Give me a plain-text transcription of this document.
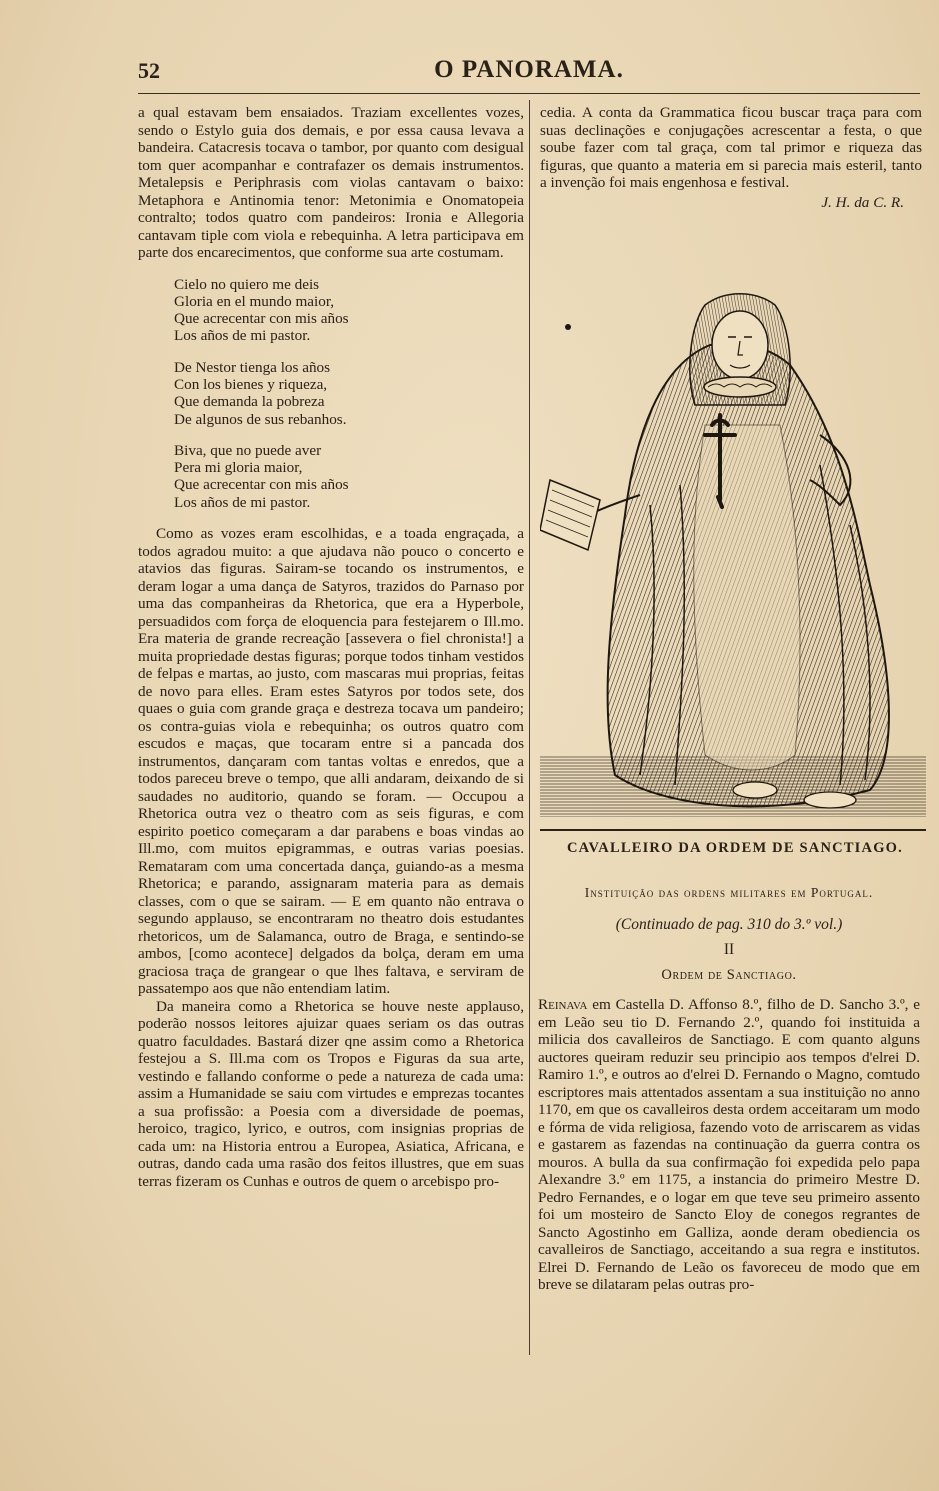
52	O PANORAMA.

a qual estavam bem ensaiados. Traziam excellentes vozes, sendo o Estylo guia dos demais, e por essa causa levava a bandeira. Catacresis tocava o tambor, por quanto com desigual tom quer acompanhar e contrafazer os demais instrumentos. Metalepsis e Periphrasis com violas cantavam o baixo: Metaphora e Antinomia tenor: Metonimia e Onomatopeia contralto; todos quatro com pandeiros: Ironia e Allegoria cantavam tiple com viola e rebequinha. A letra participava em parte dos encarecimentos, que conforme sua arte costumam.

Cielo no quiero me deis
Gloria en el mundo maior,
Que acrecentar con mis años
Los años de mi pastor.

De Nestor tienga los años
Con los bienes y riqueza,
Que demanda la pobreza
De algunos de sus rebanhos.

Biva, que no puede aver
Pera mi gloria maior,
Que acrecentar con mis años
Los años de mi pastor.

Como as vozes eram escolhidas, e a toada engraçada, a todos agradou muito: a que ajudava não pouco o concerto e atavios das figuras. Sairam-se tocando os instrumentos, e deram logar a uma dança de Satyros, trazidos do Parnaso por uma das companheiras da Rhetorica, que era a Hyperbole, persuadidos com força de eloquencia para festejarem o Ill.mo. Era materia de grande recreação [assevera o fiel chronista!] a muita propriedade destas figuras; porque todos tinham vestidos de felpas e martas, ao justo, com mascaras mui proprias, feitas de novo para elles. Eram estes Satyros por todos sete, dos quaes o guia com grande graça e destreza tocava um pandeiro; os contra-guias viola e rebequinha; os outros quatro com escudos e maças, que tocaram entre si a pancada dos instrumentos, dançaram com tantas voltas e enredos, que a todos pareceu breve o tempo, que alli andaram, deixando de si saudades no auditorio, quando se foram. — Occupou a Rhetorica outra vez o theatro com as seis figuras, e com espirito poetico começaram a dar parabens e boas vindas ao Ill.mo, com muitos epigrammas, e outras varias poesias. Remataram com uma concertada dança, guiando-as a mesma Rhetorica; e parando, assignaram materia para as demais classes, com o que se sairam. — E em quanto não entrava o segundo applauso, se encontraram no theatro dois estudantes rhetoricos, um de Salamanca, outro de Braga, e sentindo-se ambos, [como acontece] delgados da bolça, deram em uma graciosa traça de grangear o que lhes faltava, e serviram de passatempo aos que não entendiam latim.

Da maneira como a Rhetorica se houve neste applauso, poderão nossos leitores ajuizar quaes seriam os das outras quatro faculdades. Bastará dizer qne assim como a Rhetorica festejou a S. Ill.ma com os Tropos e Figuras da sua arte, vestindo e fallando conforme o pede a natureza de cada uma: assim a Humanidade se saiu com virtudes e emprezas tocantes a sua profissão: a Poesia com a diversidade de poemas, heroico, tragico, lyrico, e outros, com insignias proprias de cada um: na Historia entrou a Europea, Asiatica, Africana, e outras, dando cada uma rasão dos feitos illustres, que em suas terras fizeram os Cunhas e outros de quem o arcebispo pro-

cedia. A conta da Grammatica ficou buscar traça para com suas declinações e conjugações acrescentar a festa, o que soube fazer com tal graça, com tal primor e riqueza das figuras, que quanto a materia em si parecia mais esteril, tanto a invenção foi mais engenhosa e festival.

J. H. da C. R.

CAVALLEIRO DA ORDEM DE SANCTIAGO.

Instituição das ordens militares em Portugal.

(Continuado de pag. 310 do 3.º vol.)

II

Ordem de Sanctiago.

Reinava em Castella D. Affonso 8.º, filho de D. Sancho 3.º, e em Leão seu tio D. Fernando 2.º, quando foi instituida a milicia dos cavalleiros de Sanctiago. E com quanto alguns auctores queiram reduzir seu principio aos tempos d'elrei D. Ramiro 1.º, e outros ao d'elrei D. Fernando o Magno, comtudo escriptores mais attentados assentam a sua instituição no anno 1170, em que os cavalleiros desta ordem acceitaram um modo e fórma de vida religiosa, fazendo voto de arriscarem as vidas e gastarem as fazendas na continuação da guerra contra os mouros. A bulla da sua confirmação foi expedida pelo papa Alexandre 3.º em 1175, a instancia do primeiro Mestre D. Pedro Fernandes, e o logar em que teve seu primeiro assento foi um mosteiro de Sancto Eloy de conegos regrantes de Sancto Agostinho em Galliza, aonde deram obediencia os cavalleiros de Sanctiago, acceitando a sua regra e institutos. Elrei D. Fernando de Leão os favoreceu de modo que em breve se dilataram pelas outras pro-
